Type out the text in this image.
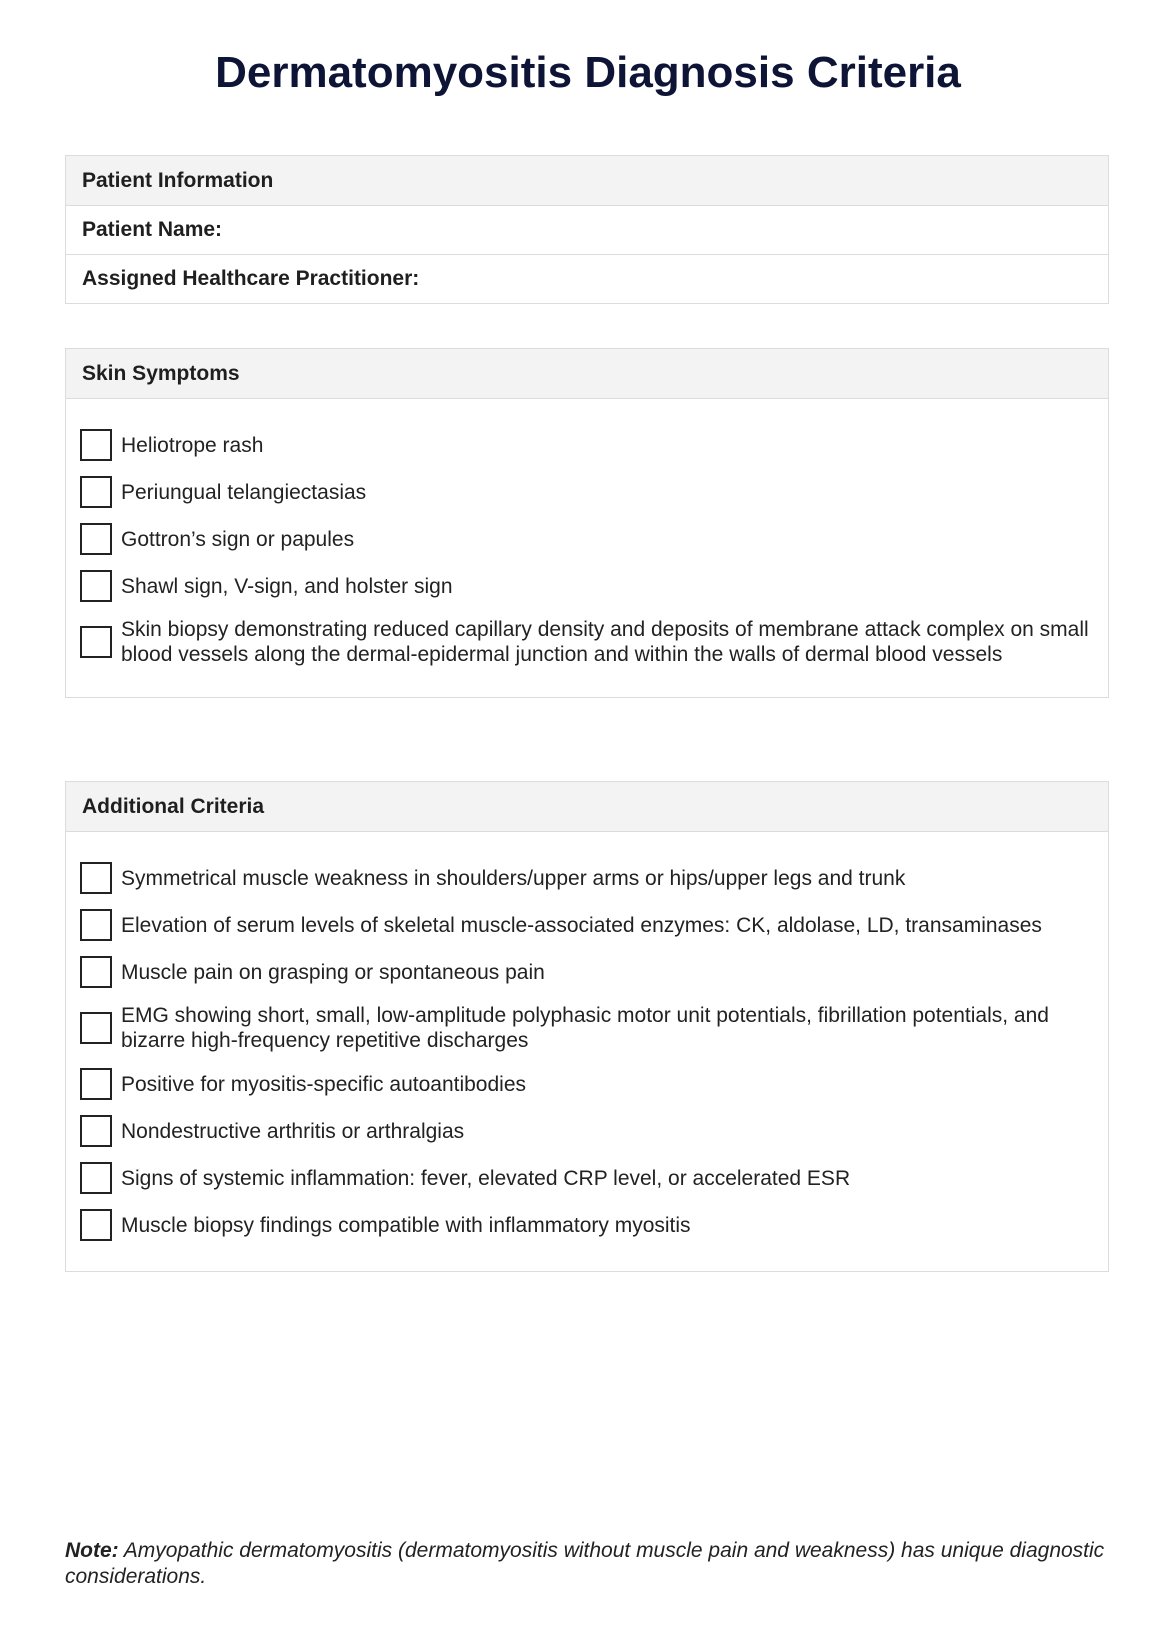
Dermatomyositis Diagnosis Criteria
Patient Information
Patient Name:
Assigned Healthcare Practitioner:
Skin Symptoms
Heliotrope rash
Periungual telangiectasias
Gottron’s sign or papules
Shawl sign, V-sign, and holster sign
Skin biopsy demonstrating reduced capillary density and deposits of membrane attack complex on small blood vessels along the dermal-epidermal junction and within the walls of dermal blood vessels
Additional Criteria
Symmetrical muscle weakness in shoulders/upper arms or hips/upper legs and trunk
Elevation of serum levels of skeletal muscle-associated enzymes: CK, aldolase, LD, transaminases
Muscle pain on grasping or spontaneous pain
EMG showing short, small, low-amplitude polyphasic motor unit potentials, fibrillation potentials, and bizarre high-frequency repetitive discharges
Positive for myositis-specific autoantibodies
Nondestructive arthritis or arthralgias
Signs of systemic inflammation: fever, elevated CRP level, or accelerated ESR
Muscle biopsy findings compatible with inflammatory myositis
Note: Amyopathic dermatomyositis (dermatomyositis without muscle pain and weakness) has unique diagnostic considerations.
